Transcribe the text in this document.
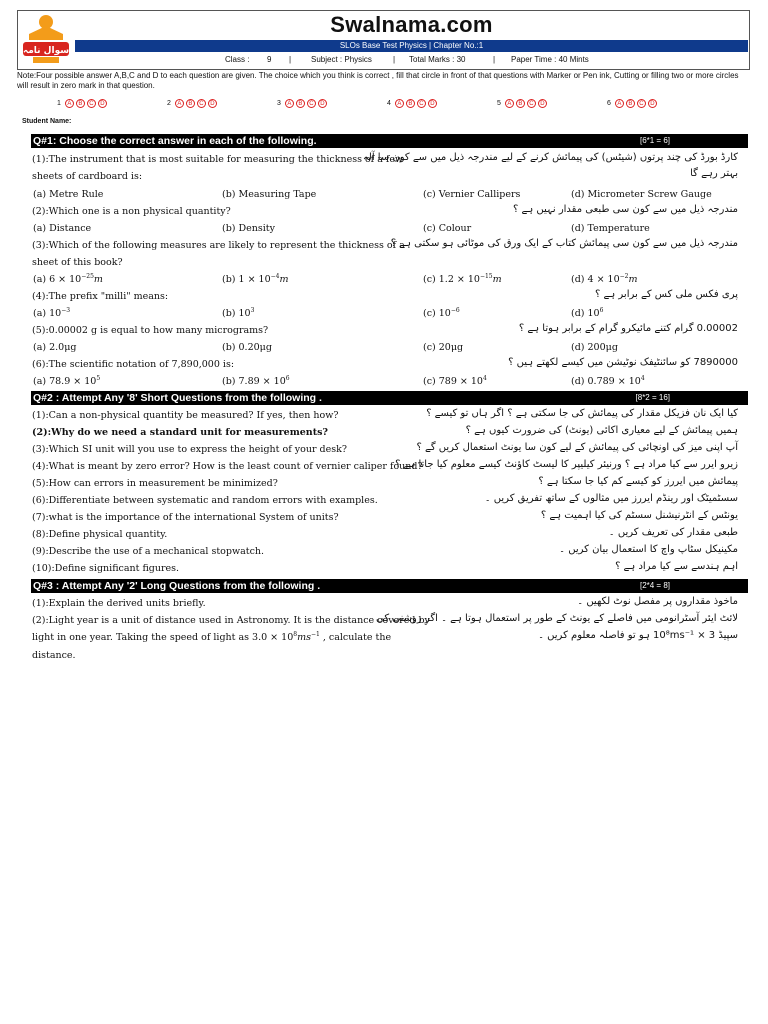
سوال نامہ
Swalnama.com
SLOs Base Test Physics | Chapter No.:1
Class : 9 | Subject : Physics	| Total Marks : 30	| Paper Time : 40 Mints
Note:Four possible answer A,B,C and D to each question are given. The choice which you think is correct , fill that circle in front of that questions with Marker or Pen ink, Cutting or filling two or more circles will result in zero mark in that question.
1	A	B	C	D	2	A	B	C	D	3	A	B	C	D	4	A	B	C	D	5	A	B	C	D	6	A	B	C	D
Student Name:
Q#1: Choose the correct answer in each of the following.	[6*1 = 6]
(1):The instrument that is most suitable for measuring the thickness of a few
sheets of cardboard is:
کارڈ بورڈ کی چند پرتوں (شیٹس) کی پیمائش کرنے کے لیے مندرجہ ذیل میں سے کون سا آلہ
بہتر رہے گا
(a) Metre Rule	(b) Measuring Tape	(c) Vernier Callipers	(d) Micrometer Screw Gauge
(2):Which one is a non physical quantity?	مندرجہ ذیل میں سے کون سی طبعی مقدار نہیں ہے ؟
(a) Distance	(b) Density	(c) Colour	(d) Temperature
(3):Which of the following measures are likely to represent the thickness of a
sheet of this book?
مندرجہ ذیل میں سے کون سی پیمائش کتاب کے ایک ورق کی موٹائی ہو سکتی ہے ؟
(a) $6 \times 10^{-25}m$	(b) $1 \times 10^{-4}m$	(c) $1.2 \times 10^{-15}m$	(d) $4 \times 10^{-2}m$
(4):The prefix "milli" means:	پری فکس ملی کس کے برابر ہے ؟
(a) $10^{-3}$	(b) $10^3$	(c) $10^{-6}$	(d) $10^6$
(5):0.00002 g is equal to how many micrograms?	0.00002 گرام کتنے مائیکرو گرام کے برابر ہوتا ہے ؟
(a) 2.0μg	(b) 0.20μg	(c) 20μg	(d) 200μg
(6):The scientific notation of 7,890,000 is:	7890000 کو سائنٹیفک نوٹیشن میں کیسے لکھتے ہیں ؟
(a) $78.9 \times 10^5$	(b) $7.89 \times 10^6$	(c) $789 \times 10^4$	(d) $0.789 \times 10^4$
Q#2 : Attempt Any '8' Short Questions from the following .	[8*2 = 16]
(1):Can a non-physical quantity be measured? If yes, then how?	کیا ایک نان فزیکل مقدار کی پیمائش کی جا سکتی ہے ؟ اگر ہاں تو کیسے ؟
(2):Why do we need a standard unit for measurements?	ہمیں پیمائش کے لیے معیاری اکائی (یونٹ) کی ضرورت کیوں ہے ؟
(3):Which SI unit will you use to express the height of your desk?	آپ اپنی میز کی اونچائی کی پیمائش کے لیے کون سا یونٹ استعمال کریں گے ؟
(4):What is meant by zero error? How is the least count of vernier caliper found?
زیرو ایرر سے کیا مراد ہے ؟ ورنیئر کیلیپر کا لیسٹ کاؤنٹ کیسے معلوم کیا جاتا ہے ؟
(5):How can errors in measurement be minimized?	پیمائش میں ایررز کو کیسے کم کیا جا سکتا ہے ؟
(6):Differentiate between systematic and random errors with examples.	سسٹمیٹک اور رینڈم ایررز میں مثالوں کے ساتھ تفریق کریں ۔
(7):what is the importance of the international System of units?	یونٹس کے انٹرنیشنل سسٹم کی کیا اہمیت ہے ؟
(8):Define physical quantity.	طبعی مقدار کی تعریف کریں ۔
(9):Describe the use of a mechanical stopwatch.	مکینیکل سٹاپ واچ کا استعمال بیان کریں ۔
(10):Define significant figures.	اہم ہندسے سے کیا مراد ہے ؟
Q#3 : Attempt Any '2' Long Questions from the following .	[2*4 = 8]
(1):Explain the derived units briefly.	ماخوذ مقداروں پر مفصل نوٹ لکھیں ۔
(2):Light year is a unit of distance used in Astronomy. It is the distance covered by
light in one year. Taking the speed of light as $3.0 \times 10^8ms^{-1}$ , calculate the
distance.
لائٹ ایئر آسٹرانومی میں فاصلے کے یونٹ کے طور پر استعمال ہوتا ہے ۔ اگر روشنی کی
سپیڈ 3 × 10⁸ms⁻¹ ہو تو فاصلہ معلوم کریں ۔
